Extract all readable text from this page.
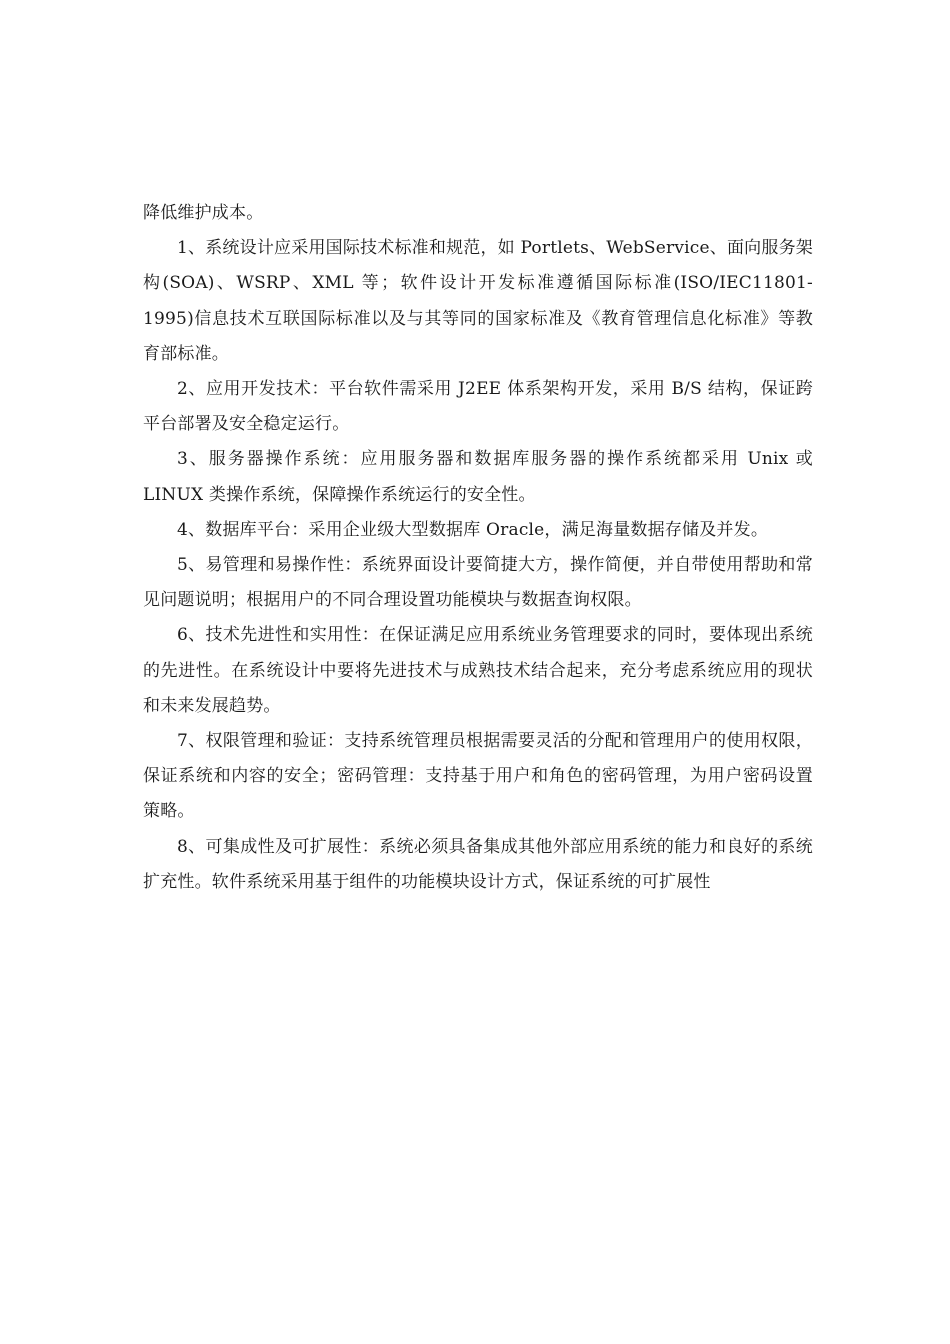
降低维护成本。

1、系统设计应采用国际技术标准和规范，如 Portlets、WebService、面向服务架构(SOA)、WSRP、XML 等；软件设计开发标准遵循国际标准(ISO/IEC11801-1995)信息技术互联国际标准以及与其等同的国家标准及《教育管理信息化标准》等教育部标准。

2、应用开发技术：平台软件需采用 J2EE 体系架构开发，采用 B/S 结构，保证跨平台部署及安全稳定运行。

3、服务器操作系统：应用服务器和数据库服务器的操作系统都采用 Unix 或 LINUX 类操作系统，保障操作系统运行的安全性。

4、数据库平台：采用企业级大型数据库 Oracle，满足海量数据存储及并发。

5、易管理和易操作性：系统界面设计要简捷大方，操作简便，并自带使用帮助和常见问题说明；根据用户的不同合理设置功能模块与数据查询权限。

6、技术先进性和实用性：在保证满足应用系统业务管理要求的同时，要体现出系统的先进性。在系统设计中要将先进技术与成熟技术结合起来，充分考虑系统应用的现状和未来发展趋势。

7、权限管理和验证：支持系统管理员根据需要灵活的分配和管理用户的使用权限，保证系统和内容的安全；密码管理：支持基于用户和角色的密码管理，为用户密码设置策略。

8、可集成性及可扩展性：系统必须具备集成其他外部应用系统的能力和良好的系统扩充性。软件系统采用基于组件的功能模块设计方式，保证系统的可扩展性
